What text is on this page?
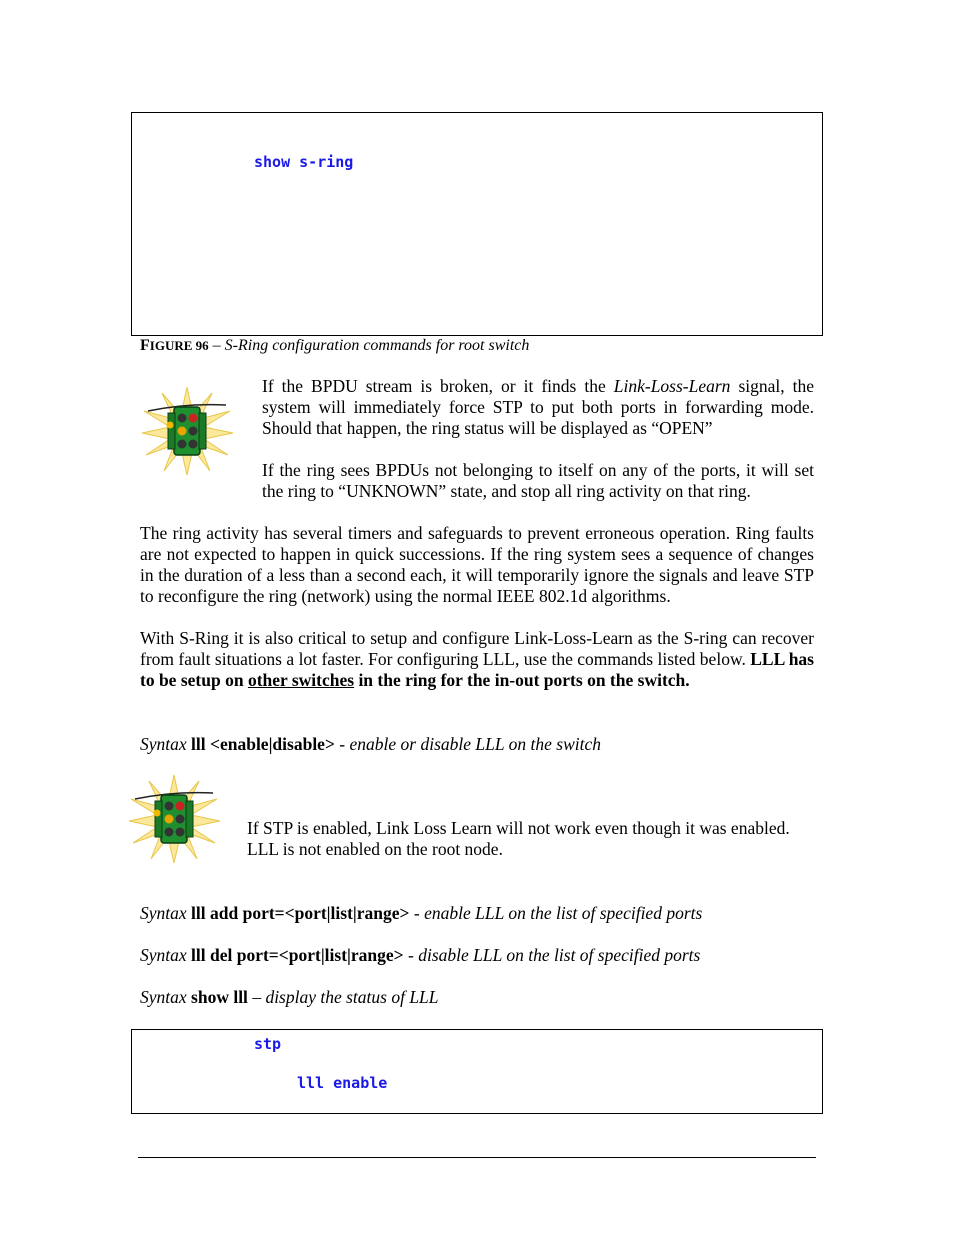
show s-ring
FIGURE 96 – S-Ring configuration commands for root switch
If the BPDU stream is broken, or it finds the Link-Loss-Learn signal, the system will immediately force STP to put both ports in forwarding mode. Should that happen, the ring status will be displayed as “OPEN”
If the ring sees BPDUs not belonging to itself on any of the ports, it will set the ring to “UNKNOWN” state, and stop all ring activity on that ring.
The ring activity has several timers and safeguards to prevent erroneous operation. Ring faults are not expected to happen in quick successions. If the ring system sees a sequence of changes in the duration of a less than a second each, it will temporarily ignore the signals and leave STP to reconfigure the ring (network) using the normal IEEE 802.1d algorithms.
With S-Ring it is also critical to setup and configure Link-Loss-Learn as the S-ring can recover from fault situations a lot faster. For configuring LLL, use the commands listed below. LLL has to be setup on other switches in the ring for the in-out ports on the switch.
Syntax lll <enable|disable> - enable or disable LLL on the switch
If STP is enabled, Link Loss Learn will not work even though it was enabled. LLL is not enabled on the root node.
Syntax lll add port=<port|list|range> - enable LLL on the list of specified ports
Syntax lll del port=<port|list|range> - disable LLL on the list of specified ports
Syntax show lll – display the status of LLL
stp
lll enable
